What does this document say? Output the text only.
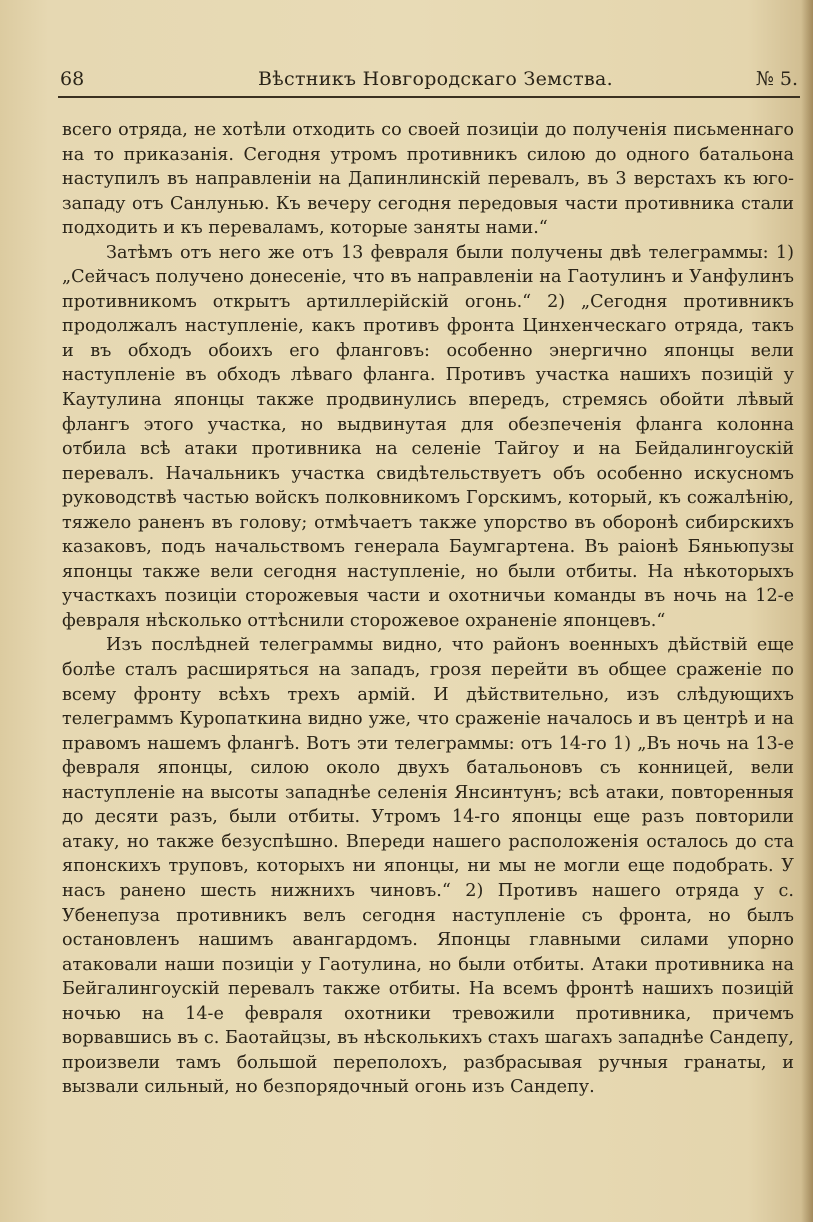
68	Вѣстникъ Новгородскаго Земства.	№ 5.

всего отряда, не хотѣли отходить со своей позиціи до полученія письменнаго на то приказанія. Сегодня утромъ противникъ силою до одного батальона наступилъ въ направленіи на Дапинлинскій перевалъ, въ 3 верстахъ къ юго-западу отъ Санлунью. Къ вечеру сегодня передовыя части противника стали подходить и къ переваламъ, которые заняты нами.“

Затѣмъ отъ него же отъ 13 февраля были получены двѣ телеграммы: 1) „Сейчасъ получено донесеніе, что въ направленіи на Гаотулинъ и Уанфулинъ противникомъ открытъ артиллерійскій огонь.“ 2) „Сегодня противникъ продолжалъ наступленіе, какъ противъ фронта Цинхенческаго отряда, такъ и въ обходъ обоихъ его фланговъ: особенно энергично японцы вели наступленіе въ обходъ лѣваго фланга. Противъ участка нашихъ позицій у Каутулина японцы также продвинулись впередъ, стремясь обойти лѣвый флангъ этого участка, но выдвинутая для обезпеченія фланга колонна отбила всѣ атаки противника на селеніе Тайгоу и на Бейдалингоускій перевалъ. Начальникъ участка свидѣтельствуетъ объ особенно искусномъ руководствѣ частью войскъ полковникомъ Горскимъ, который, къ сожалѣнію, тяжело раненъ въ голову; отмѣчаетъ также упорство въ оборонѣ сибирскихъ казаковъ, подъ начальствомъ генерала Баумгартена. Въ раіонѣ Бяньюпузы японцы также вели сегодня наступленіе, но были отбиты. На нѣкоторыхъ участкахъ позиціи сторожевыя части и охотничьи команды въ ночь на 12-е февраля нѣсколько оттѣснили сторожевое охраненіе японцевъ.“

Изъ послѣдней телеграммы видно, что районъ военныхъ дѣйствій еще болѣе сталъ расширяться на западъ, грозя перейти въ общее сраженіе по всему фронту всѣхъ трехъ армій. И дѣйствительно, изъ слѣдующихъ телеграммъ Куропаткина видно уже, что сраженіе началось и въ центрѣ и на правомъ нашемъ флангѣ. Вотъ эти телеграммы: отъ 14-го 1) „Въ ночь на 13-е февраля японцы, силою около двухъ батальоновъ съ конницей, вели наступленіе на высоты западнѣе селенія Янсинтунъ; всѣ атаки, повторенныя до десяти разъ, были отбиты. Утромъ 14-го японцы еще разъ повторили атаку, но также безуспѣшно. Впереди нашего расположенія осталось до ста японскихъ труповъ, которыхъ ни японцы, ни мы не могли еще подобрать. У насъ ранено шесть нижнихъ чиновъ.“ 2) Противъ нашего отряда у с. Убенепуза противникъ велъ сегодня наступленіе съ фронта, но былъ остановленъ нашимъ авангардомъ. Японцы главными силами упорно атаковали наши позиціи у Гаотулина, но были отбиты. Атаки противника на Бейгалингоускій перевалъ также отбиты. На всемъ фронтѣ нашихъ позицій ночью на 14-е февраля охотники тревожили противника, причемъ ворвавшись въ с. Баотайцзы, въ нѣсколькихъ стахъ шагахъ западнѣе Сандепу, произвели тамъ большой переполохъ, разбрасывая ручныя гранаты, и вызвали сильный, но безпорядочный огонь изъ Сандепу.
